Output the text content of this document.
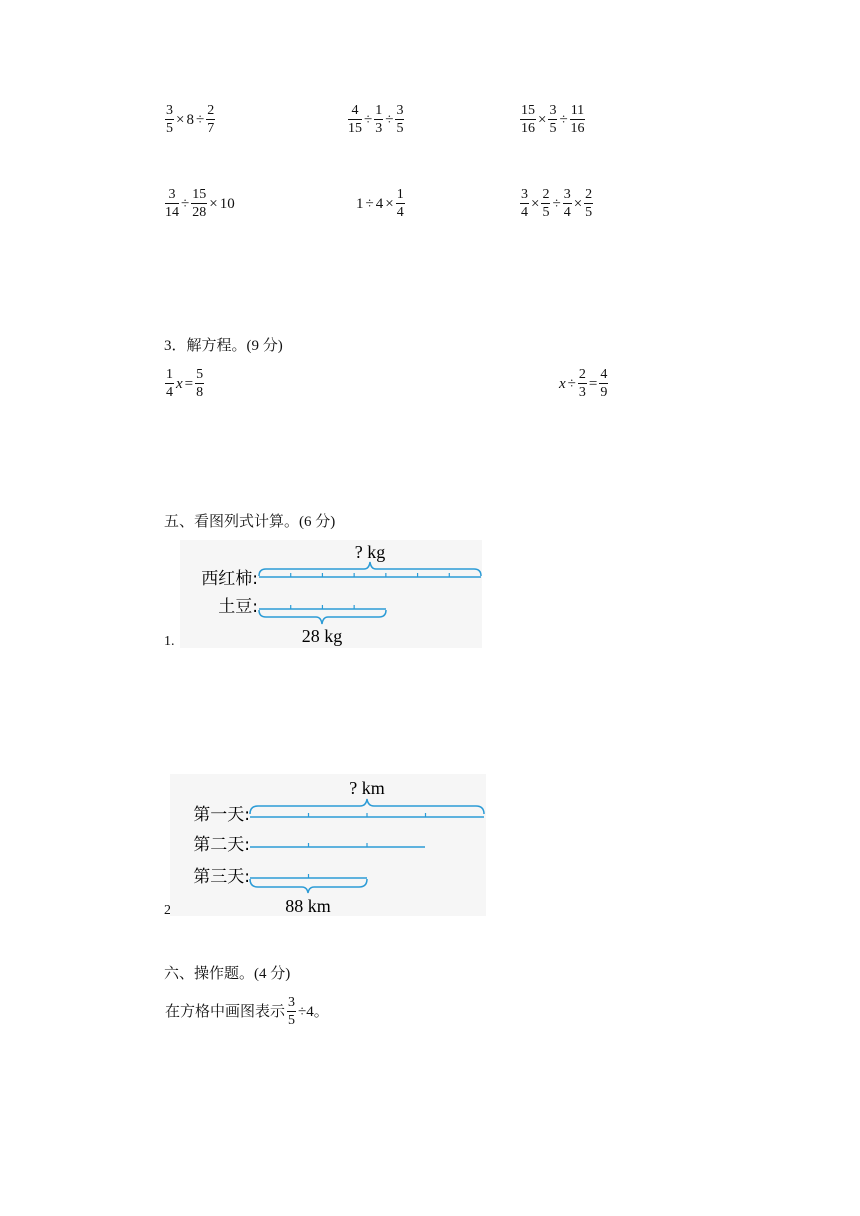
$\frac{3}{5} \times 8 \div \frac{2}{7}$	$\frac{4}{15} \div \frac{1}{3} \div \frac{3}{5}$	$\frac{15}{16} \times \frac{3}{5} \div \frac{11}{16}$
$\frac{3}{14} \div \frac{15}{28} \times 10$	$1 \div 4 \times \frac{1}{4}$	$\frac{3}{4} \times \frac{2}{5} \div \frac{3}{4} \times \frac{2}{5}$
3．解方程。(9 分)
$\frac{1}{4}$ $x = \frac{5}{8}$	$x \div \frac{2}{3} = \frac{4}{9}$
五、看图列式计算。(6 分)
1.
? kg
西红柿:
土豆:
28 kg
2.
? km
第一天:
第二天:
第三天:
88 km
六、操作题。(4 分)
在方格中画图表示 $\frac{3}{5} \div 4$。
